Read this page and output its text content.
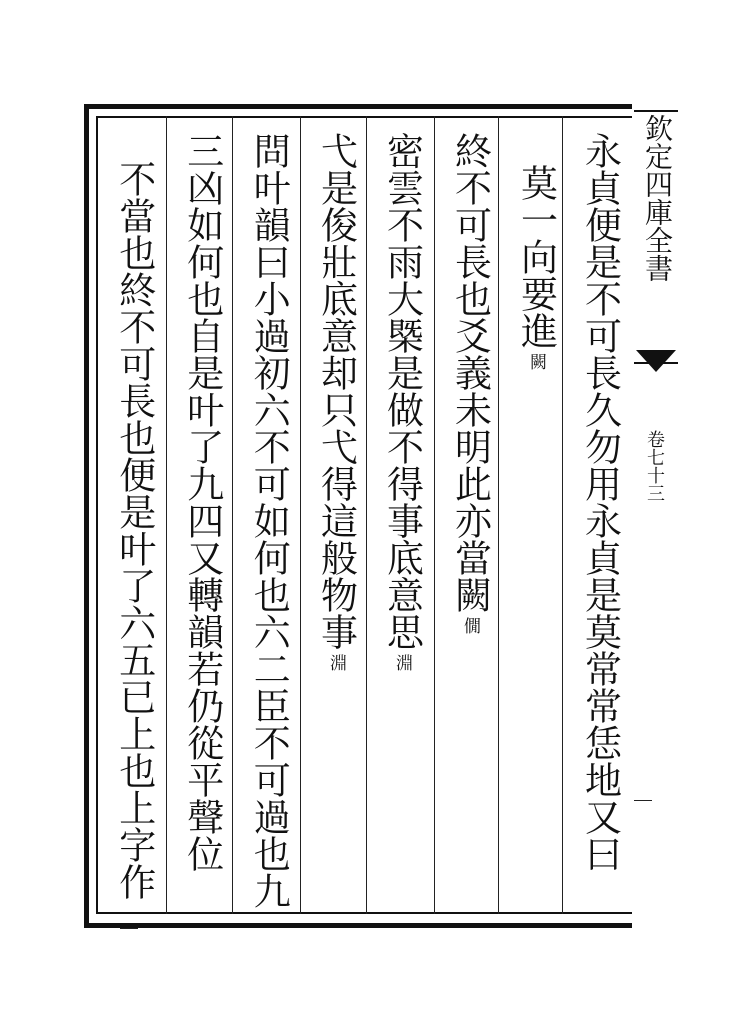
欽定四庫全書
卷七十三
永貞便是不可長久勿用永貞是莫常常恁地又曰
莫一向要進
闕
終不可長也爻義未明此亦當闕
僩
密雲不雨大槩是做不得事底意思
淵
弋是俊壯底意却只弋得這般物事
淵
問叶韻曰小過初六不可如何也六二臣不可過也九
三凶如何也自是叶了九四又轉韻若仍從平聲位
不當也終不可長也便是叶了六五已上也上字作
